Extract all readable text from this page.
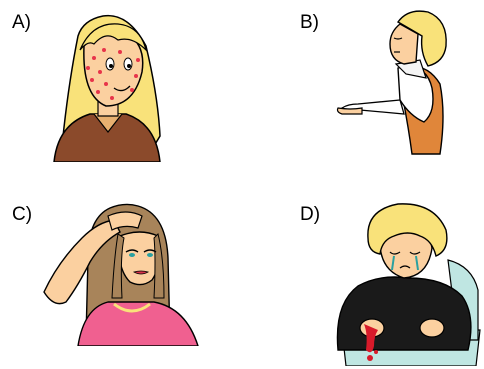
A)	B)
C)	D)
